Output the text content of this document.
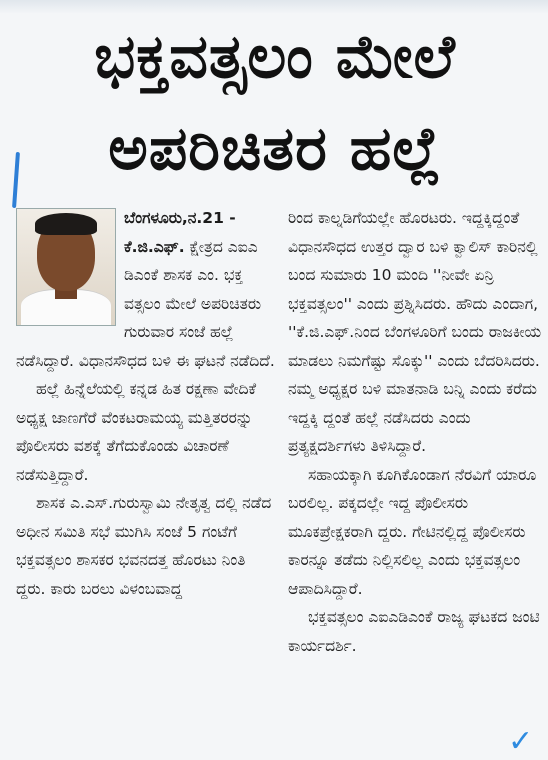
ಭಕ್ತವತ್ಸಲಂ ಮೇಲೆ
ಅಪರಿಚಿತರ ಹಲ್ಲೆ

ಬೆಂಗಳೂರು,ನ.21 - ಕೆ.ಜಿ.ಎಫ್. ಕ್ಷೇತ್ರದ ಎಐಎ ಡಿಎಂಕೆ ಶಾಸಕ ಎಂ. ಭಕ್ತ ವತ್ಸಲಂ ಮೇಲೆ ಅಪರಿಚಿತರು ಗುರುವಾರ ಸಂಜೆ ಹಲ್ಲೆ ನಡೆಸಿದ್ದಾರೆ. ವಿಧಾನಸೌಧದ ಬಳಿ ಈ ಘಟನೆ ನಡೆದಿದೆ.

ಹಲ್ಲೆ ಹಿನ್ನೆಲೆಯಲ್ಲಿ ಕನ್ನಡ ಹಿತ ರಕ್ಷಣಾ ವೇದಿಕೆ ಅಧ್ಯಕ್ಷ ಜಾಣಗೆರೆ ವೆಂಕಟರಾಮಯ್ಯ ಮತ್ತಿತರರನ್ನು ಪೊಲೀಸರು ವಶಕ್ಕೆ ತೆಗೆದುಕೊಂಡು ವಿಚಾರಣೆ ನಡೆಸುತ್ತಿದ್ದಾರೆ.

ಶಾಸಕ ಎ.ಎಸ್.ಗುರುಸ್ವಾಮಿ ನೇತೃತ್ವ ದಲ್ಲಿ ನಡೆದ ಅಧೀನ ಸಮಿತಿ ಸಭೆ ಮುಗಿಸಿ ಸಂಜೆ 5 ಗಂಟೆಗೆ ಭಕ್ತವತ್ಸಲಂ ಶಾಸಕರ ಭವನದತ್ತ ಹೊರಟು ನಿಂತಿ ದ್ದರು. ಕಾರು ಬರಲು ವಿಳಂಬವಾದ್ದ

ರಿಂದ ಕಾಲ್ನಡಿಗೆಯಲ್ಲೇ ಹೊರಟರು. ಇದ್ದಕ್ಕಿದ್ದಂತೆ ವಿಧಾನಸೌಧದ ಉತ್ತರ ದ್ವಾರ ಬಳಿ ಕ್ವಾಲಿಸ್ ಕಾರಿನಲ್ಲಿ ಬಂದ ಸುಮಾರು 10 ಮಂದಿ ''ನೀವೇ ಏನ್ರಿ ಭಕ್ತವತ್ಸಲಂ'' ಎಂದು ಪ್ರಶ್ನಿಸಿದರು. ಹೌದು ಎಂದಾಗ, ''ಕೆ.ಜಿ.ಎಫ್.ನಿಂದ ಬೆಂಗಳೂರಿಗೆ ಬಂದು ರಾಜಕೀಯ ಮಾಡಲು ನಿಮಗೆಷ್ಟು ಸೊಕ್ಕು'' ಎಂದು ಬೆದರಿಸಿದರು. ನಮ್ಮ ಅಧ್ಯಕ್ಷರ ಬಳಿ ಮಾತನಾಡಿ ಬನ್ನಿ ಎಂದು ಕರೆದು ಇದ್ದಕ್ಕಿ ದ್ದಂತೆ ಹಲ್ಲೆ ನಡೆಸಿದರು ಎಂದು ಪ್ರತ್ಯಕ್ಷದರ್ಶಿಗಳು ತಿಳಿಸಿದ್ದಾರೆ.

ಸಹಾಯಕ್ಕಾಗಿ ಕೂಗಿಕೊಂಡಾಗ ನೆರವಿಗೆ ಯಾರೂ ಬರಲಿಲ್ಲ. ಪಕ್ಕದಲ್ಲೇ ಇದ್ದ ಪೊಲೀಸರು ಮೂಕಪ್ರೇಕ್ಷಕರಾಗಿ ದ್ದರು. ಗೇಟಿನಲ್ಲಿದ್ದ ಪೊಲೀಸರು ಕಾರನ್ನೂ ತಡೆದು ನಿಲ್ಲಿಸಲಿಲ್ಲ ಎಂದು ಭಕ್ತವತ್ಸಲಂ ಆಪಾದಿಸಿದ್ದಾರೆ.

ಭಕ್ತವತ್ಸಲಂ ಎಐಎಡಿಎಂಕೆ ರಾಜ್ಯ ಘಟಕದ ಜಂಟಿ ಕಾರ್ಯದರ್ಶಿ.

✓
